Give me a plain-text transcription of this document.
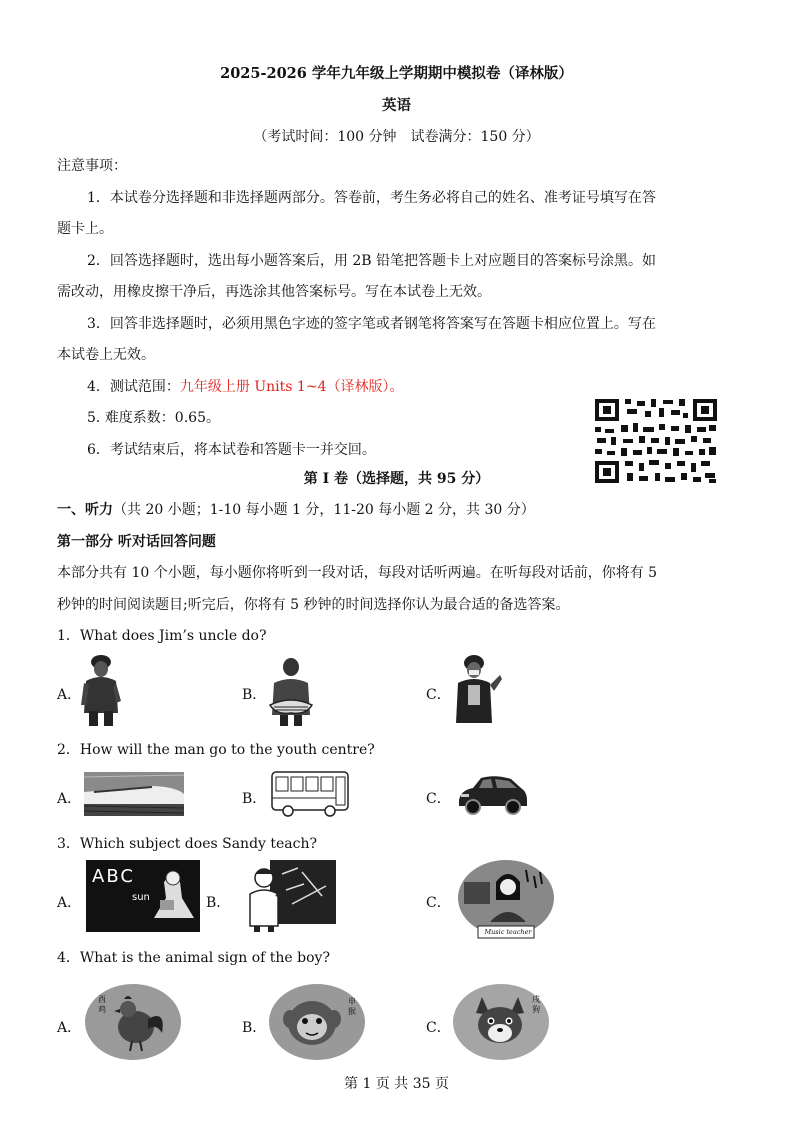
2025-2026 学年九年级上学期期中模拟卷（译林版）
英语
（考试时间：100 分钟　试卷满分：150 分）
注意事项：
1．本试卷分选择题和非选择题两部分。答卷前，考生务必将自己的姓名、准考证号填写在答
题卡上。
2．回答选择题时，选出每小题答案后，用 2B 铅笔把答题卡上对应题目的答案标号涂黑。如
需改动，用橡皮擦干净后，再选涂其他答案标号。写在本试卷上无效。
3．回答非选择题时，必须用黑色字迹的签字笔或者钢笔将答案写在答题卡相应位置上。写在
本试卷上无效。
4．测试范围：九年级上册 Units 1~4（译林版）。
5. 难度系数：0.65。
6．考试结束后，将本试卷和答题卡一并交回。
第 I 卷（选择题，共 95 分）
一、听力（共 20 小题；1-10 每小题 1 分，11-20 每小题 2 分，共 30 分）
第一部分 听对话回答问题
本部分共有 10 个小题，每小题你将听到一段对话，每段对话听两遍。在听每段对话前，你将有 5
秒钟的时间阅读题目;听完后，你将有 5 秒钟的时间选择你认为最合适的备选答案。
1．What does Jim’s uncle do?
A．	B．	C．
2．How will the man go to the youth centre?
A．	B．	C．
3．Which subject does Sandy teach?
A．	B．	C．
ABC
sun
Music teacher
4．What is the animal sign of the boy?
A．	B．	C．
酉鸡
申猴
戌狗
第 1 页 共 35 页
